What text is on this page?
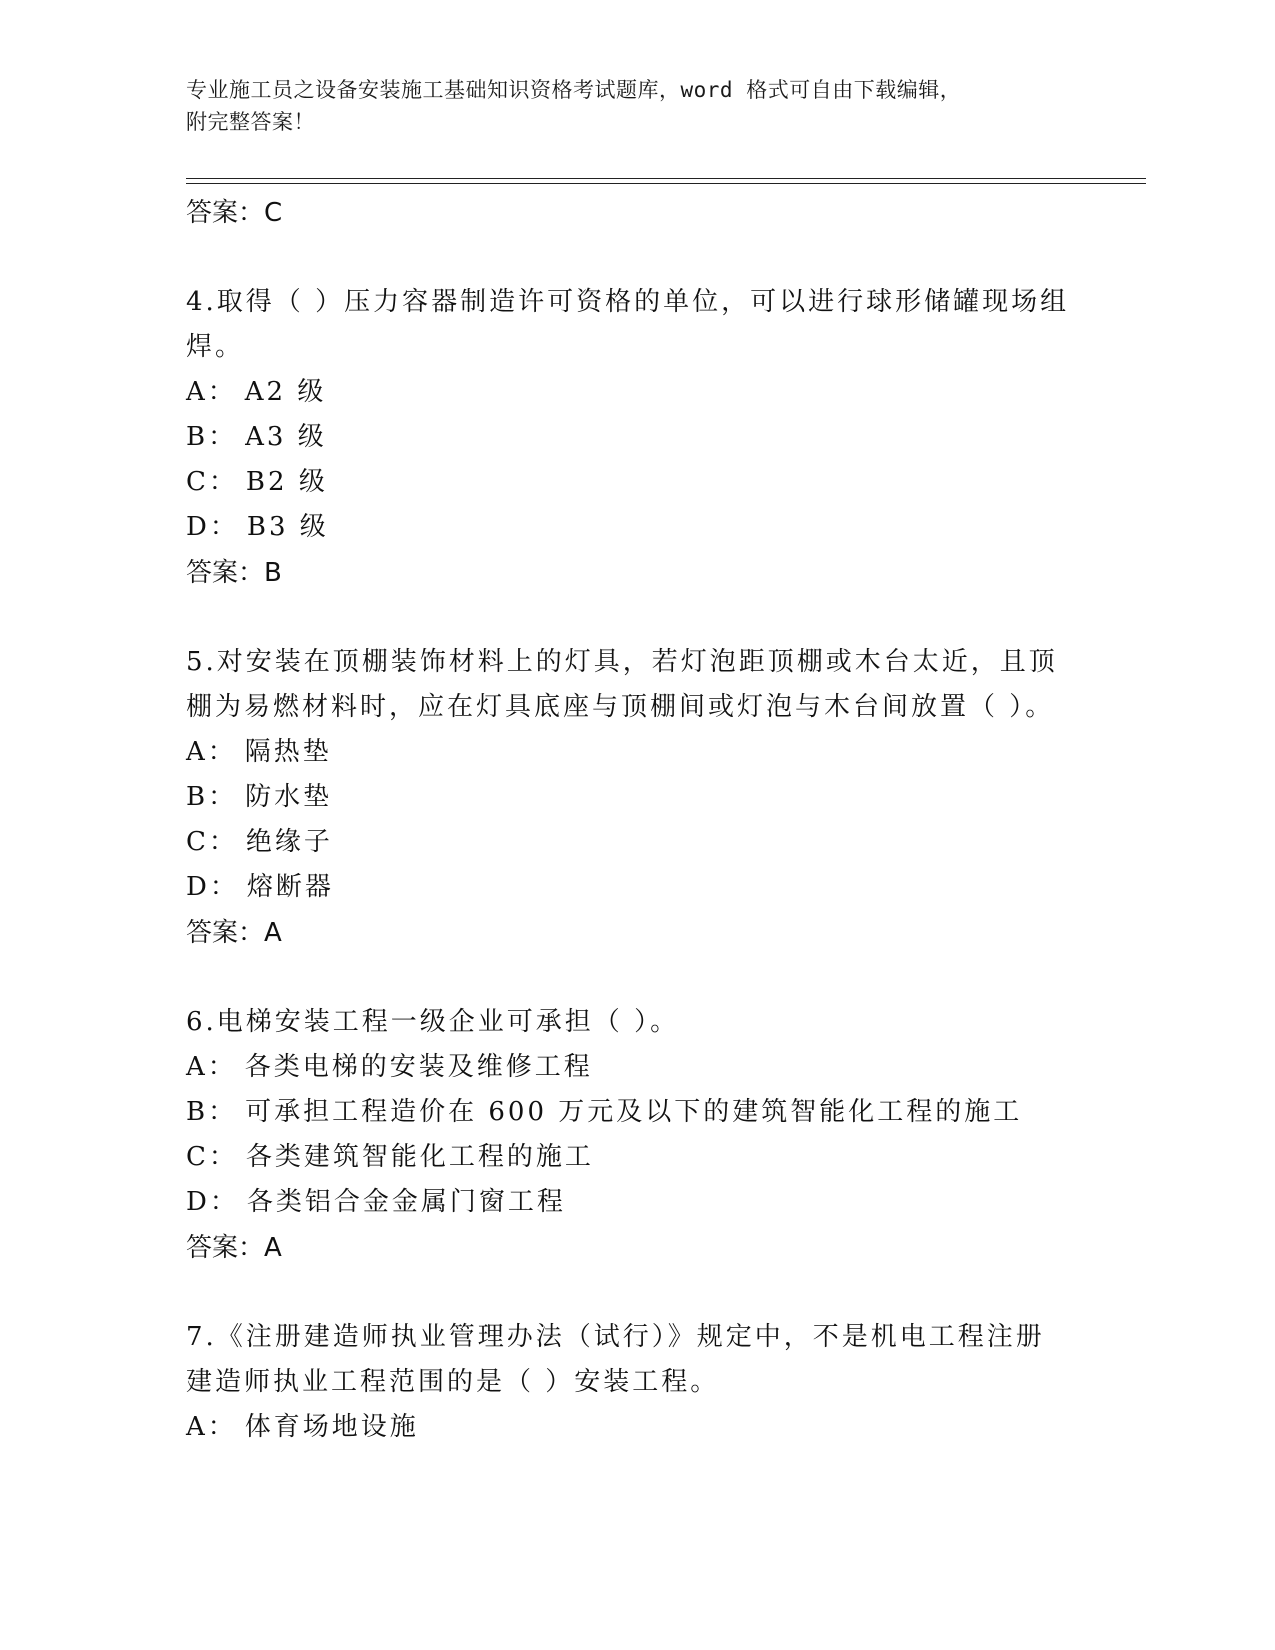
专业施工员之设备安装施工基础知识资格考试题库，word 格式可自由下载编辑，
附完整答案！
答案：C
4.取得（ ）压力容器制造许可资格的单位，可以进行球形储罐现场组
焊。
A： A2 级
B： A3 级
C： B2 级
D： B3 级
答案：B
5.对安装在顶棚装饰材料上的灯具，若灯泡距顶棚或木台太近，且顶
棚为易燃材料时，应在灯具底座与顶棚间或灯泡与木台间放置（ ）。
A： 隔热垫
B： 防水垫
C： 绝缘子
D： 熔断器
答案：A
6.电梯安装工程一级企业可承担（ ）。
A： 各类电梯的安装及维修工程
B： 可承担工程造价在 600 万元及以下的建筑智能化工程的施工
C： 各类建筑智能化工程的施工
D： 各类铝合金金属门窗工程
答案：A
7.《注册建造师执业管理办法（试行）》规定中，不是机电工程注册
建造师执业工程范围的是（ ）安装工程。
A： 体育场地设施
